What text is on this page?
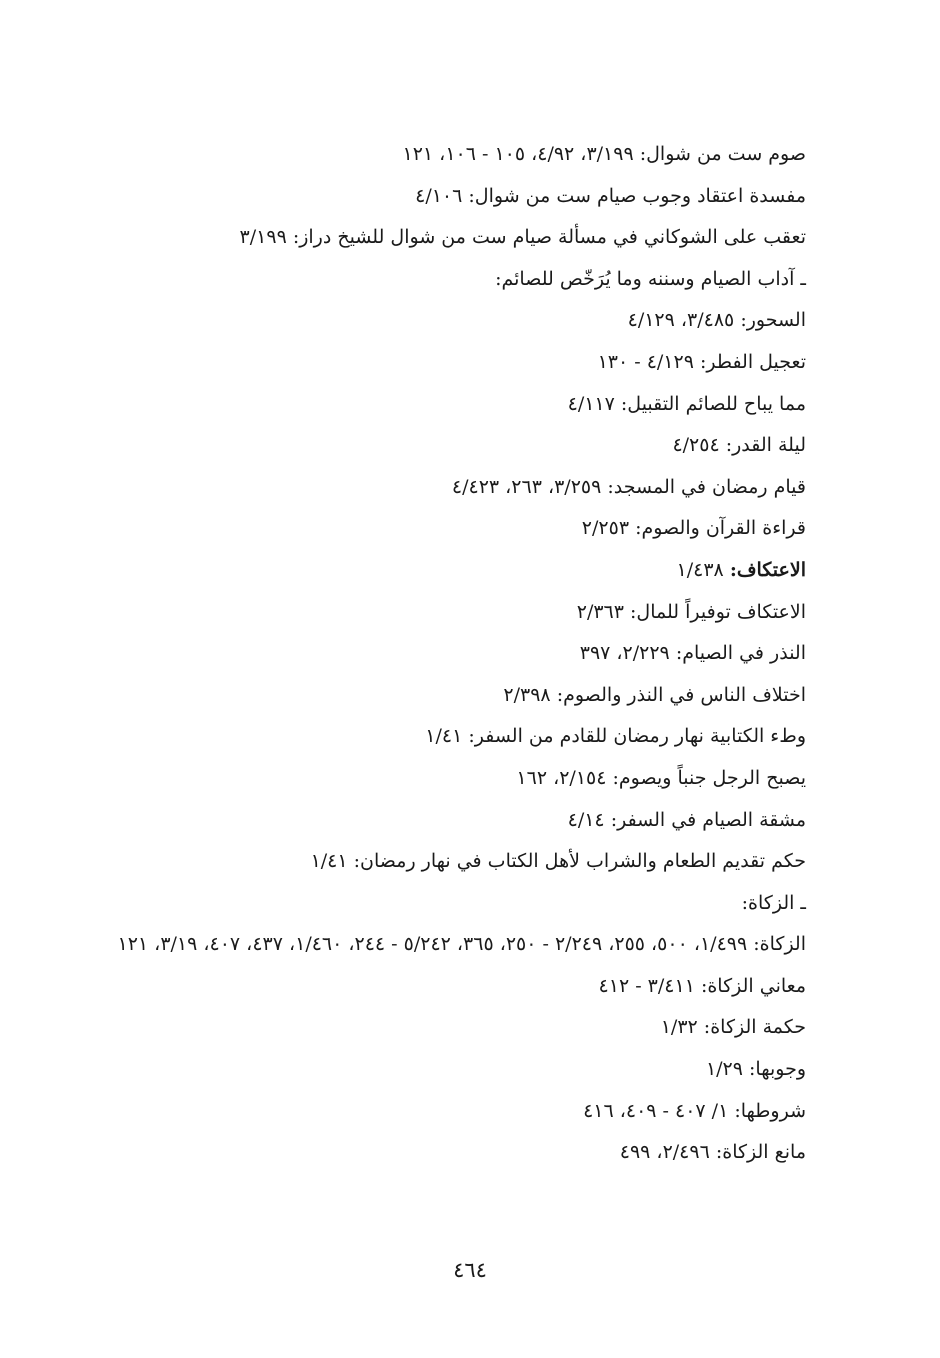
صوم ست من شوال: ٣/١٩٩، ٤/٩٢، ١٠٥ - ١٠٦، ١٢١
مفسدة اعتقاد وجوب صيام ست من شوال: ٤/١٠٦
تعقب على الشوكاني في مسألة صيام ست من شوال للشيخ دراز: ٣/١٩٩
ـ آداب الصيام وسننه وما يُرَخّص للصائم:
السحور: ٣/٤٨٥، ٤/١٢٩
تعجيل الفطر: ٤/١٢٩ - ١٣٠
مما يباح للصائم التقبيل: ٤/١١٧
ليلة القدر: ٤/٢٥٤
قيام رمضان في المسجد: ٣/٢٥٩، ٢٦٣، ٤/٤٢٣
قراءة القرآن والصوم: ٢/٢٥٣
الاعتكاف: ١/٤٣٨
الاعتكاف توفيراً للمال: ٢/٣٦٣
النذر في الصيام: ٢/٢٢٩، ٣٩٧
اختلاف الناس في النذر والصوم: ٢/٣٩٨
وطء الكتابية نهار رمضان للقادم من السفر: ١/٤١
يصبح الرجل جنباً ويصوم: ٢/١٥٤، ١٦٢
مشقة الصيام في السفر: ٤/١٤
حكم تقديم الطعام والشراب لأهل الكتاب في نهار رمضان: ١/٤١
ـ الزكاة:
الزكاة: ١/٤٩٩، ٥٠٠، ٢٥٥، ٢/٢٤٩ - ٢٥٠، ٣٦٥، ٥/٢٤٢ - ٢٤٤، ١/٤٦٠، ٤٣٧، ٤٠٧، ٣/١٩، ١٢١
معاني الزكاة: ٣/٤١١ - ٤١٢
حكمة الزكاة: ١/٣٢
وجوبها: ١/٢٩
شروطها: ١/ ٤٠٧ - ٤٠٩، ٤١٦
مانع الزكاة: ٢/٤٩٦، ٤٩٩
٤٦٤
